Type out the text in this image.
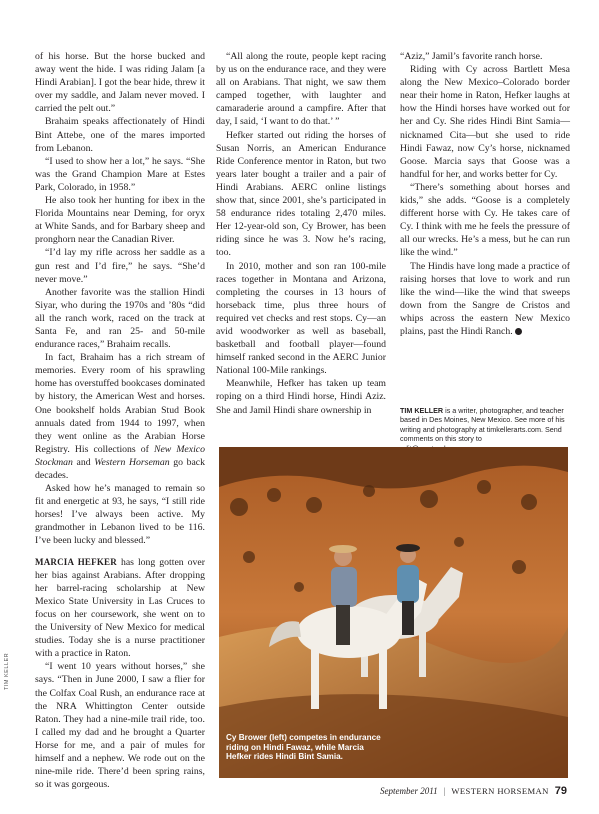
of his horse. But the horse bucked and away went the hide. I was riding Jalam [a Hindi Arabian]. I got the bear hide, threw it over my saddle, and Jalam never moved. I carried the pelt out.”

Brahaim speaks affectionately of Hindi Bint Attebe, one of the mares imported from Lebanon.

“I used to show her a lot,” he says. “She was the Grand Champion Mare at Estes Park, Colorado, in 1958.”

He also took her hunting for ibex in the Florida Mountains near Deming, for oryx at White Sands, and for Barbary sheep and pronghorn near the Canadian River.

“I’d lay my rifle across her saddle as a gun rest and I’d fire,” he says. “She’d never move.”

Another favorite was the stallion Hindi Siyar, who during the 1970s and ’80s “did all the ranch work, raced on the track at Santa Fe, and ran 25- and 50-mile endurance races,” Brahaim recalls.

In fact, Brahaim has a rich stream of memories. Every room of his sprawling home has overstuffed bookcases dominated by history, the American West and horses. One bookshelf holds Arabian Stud Book annuals dated from 1944 to 1997, when they went online as the Arabian Horse Registry. His collections of New Mexico Stockman and Western Horseman go back decades.

Asked how he’s managed to remain so fit and energetic at 93, he says, “I still ride horses! I’ve always been active. My grandmother in Lebanon lived to be 116. I’ve been lucky and blessed.”

MARCIA HEFKER has long gotten over her bias against Arabians. After dropping her barrel-racing scholarship at New Mexico State University in Las Cruces to focus on her coursework, she went on to the University of New Mexico for medical studies. Today she is a nurse practitioner with a practice in Raton.

“I went 10 years without horses,” she says. “Then in June 2000, I saw a flier for the Colfax Coal Rush, an endurance race at the NRA Whittington Center outside Raton. They had a nine-mile trail ride, too. I called my dad and he brought a Quarter Horse for me, and a pair of mules for himself and a nephew. We rode out on the nine-mile ride. There’d been spring rains, so it was gorgeous.

“All along the route, people kept racing by us on the endurance race, and they were all on Arabians. That night, we saw them camped together, with laughter and camaraderie around a campfire. After that day, I said, ‘I want to do that.’ ”

Hefker started out riding the horses of Susan Norris, an American Endurance Ride Conference mentor in Raton, but two years later bought a trailer and a pair of Hindi Arabians. AERC online listings show that, since 2001, she’s participated in 58 endurance rides totaling 2,470 miles. Her 12-year-old son, Cy Brower, has been riding since he was 3. Now he’s racing, too.

In 2010, mother and son ran 100-mile races together in Montana and Arizona, completing the courses in 13 hours of horseback time, plus three hours of required vet checks and rest stops. Cy—an avid woodworker as well as baseball, basketball and football player—found himself ranked second in the AERC Junior National 100-Mile rankings.

Meanwhile, Hefker has taken up team roping on a third Hindi horse, Hindi Aziz. She and Jamil Hindi share ownership in

“Aziz,” Jamil’s favorite ranch horse.

Riding with Cy across Bartlett Mesa along the New Mexico–Colorado border near their home in Raton, Hefker laughs at how the Hindi horses have worked out for her and Cy. She rides Hindi Bint Samia—nicknamed Cita—but she used to ride Hindi Fawaz, now Cy’s horse, nicknamed Goose. Marcia says that Goose was a handful for her, and works better for Cy.

“There’s something about horses and kids,” she adds. “Goose is a completely different horse with Cy. He takes care of Cy. I think with me he feels the pressure of all our wrecks. He’s a mess, but he can run like the wind.”

The Hindis have long made a practice of raising horses that love to work and run like the wind—like the wind that sweeps down from the Sangre de Cristos and whips across the eastern New Mexico plains, past the Hindi Ranch.

TIM KELLER is a writer, photographer, and teacher based in Des Moines, New Mexico. See more of his writing and photography at timkellerarts.com. Send comments on this story to
Cy Brower (left) competes in endurance riding on Hindi Fawaz, while Marcia Hefker rides Hindi Bint Samia.
TIM KELLER
September 2011 | WESTERN HORSEMAN 79
